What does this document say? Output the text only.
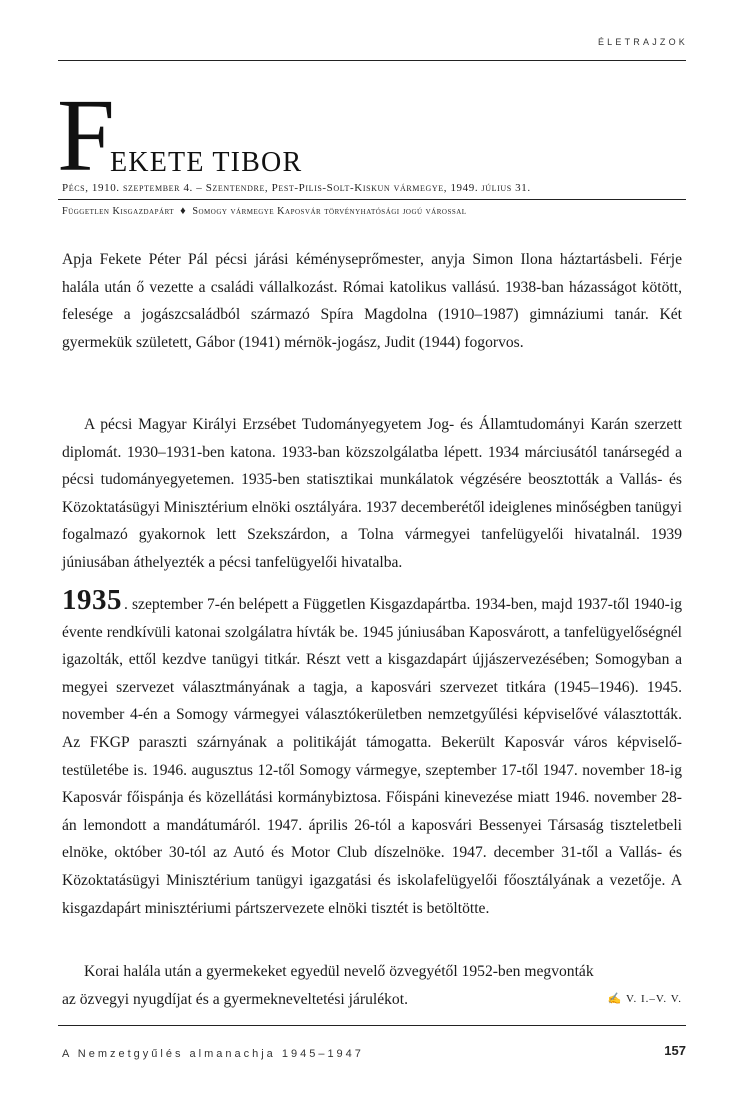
ÉLETRAJZOK
F
EKETE TIBOR
Pécs, 1910. szeptember 4. – Szentendre, Pest-Pilis-Solt-Kiskun vármegye, 1949. július 31.
Független Kisgazdapárt ♦ Somogy vármegye Kaposvár törvényhatósági jogú várossal

Apja Fekete Péter Pál pécsi járási kéményseprőmester, anyja Simon Ilona háztartásbeli. Férje halála után ő vezette a családi vállalkozást. Római katolikus vallású. 1938-ban házasságot kötött, felesége a jogászcsaládból származó Spíra Magdolna (1910–1987) gimnáziumi tanár. Két gyermekük született, Gábor (1941) mérnök-jogász, Judit (1944) fogorvos.

A pécsi Magyar Királyi Erzsébet Tudományegyetem Jog- és Államtudományi Karán szerzett diplomát. 1930–1931-ben katona. 1933-ban közszolgálatba lépett. 1934 márciusától tanársegéd a pécsi tudományegyetemen. 1935-ben statisztikai munkálatok végzésére beosztották a Vallás- és Közoktatásügyi Minisztérium elnöki osztályára. 1937 decemberétől ideiglenes minőségben tanügyi fogalmazó gyakornok lett Szekszárdon, a Tolna vármegyei tanfelügyelői hivatalnál. 1939 júniusában áthelyezték a pécsi tanfelügyelői hivatalba.

1935 . szeptember 7-én belépett a Független Kisgazdapártba. 1934-ben, majd 1937-től 1940-ig évente rendkívüli katonai szolgálatra hívták be. 1945 júniusában Kaposvárott, a tanfelügyelőségnél igazolták, ettől kezdve tanügyi titkár. Részt vett a kisgazdapárt újjászervezésében; Somogyban a megyei szervezet választmányának a tagja, a kaposvári szervezet titkára (1945–1946). 1945. november 4-én a Somogy vármegyei választókerületben nemzetgyűlési képviselővé választották. Az FKGP paraszti szárnyának a politikáját támogatta. Bekerült Kaposvár város képviselő-testületébe is. 1946. augusztus 12-től Somogy vármegye, szeptember 17-től 1947. november 18-ig Kaposvár főispánja és közellátási kormánybiztosa. Főispáni kinevezése miatt 1946. november 28-án lemondott a mandátumáról. 1947. április 26-tól a kaposvári Bessenyei Társaság tiszteletbeli elnöke, október 30-tól az Autó és Motor Club díszelnöke. 1947. december 31-től a Vallás- és Közoktatásügyi Minisztérium tanügyi igazgatási és iskolafelügyelői főosztályának a vezetője. A kisgazdapárt minisztériumi pártszervezete elnöki tisztét is betöltötte.

Korai halála után a gyermekeket egyedül nevelő özvegyétől 1952-ben megvonták
az özvegyi nyugdíjat és a gyermekneveltetési járulékot.	✍ V. I.–V. V.
A Nemzetgyűlés almanachja 1945–1947	157
